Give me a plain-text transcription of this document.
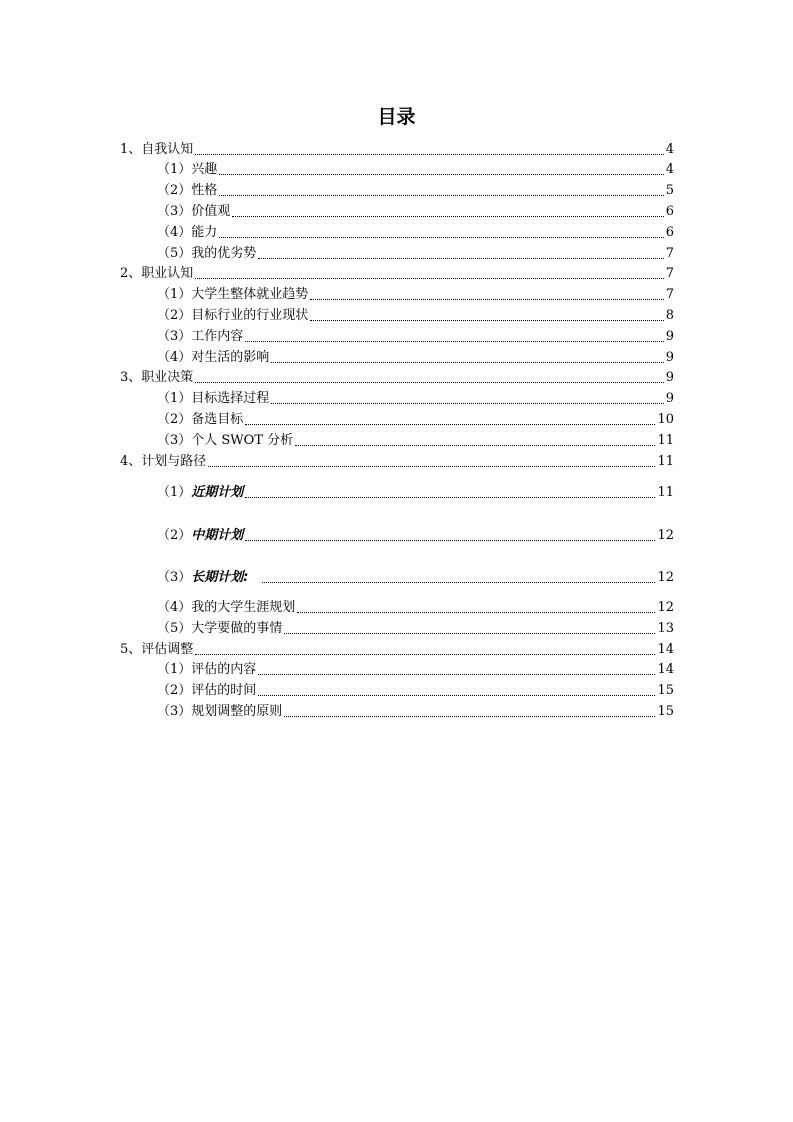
目录
1、自我认知	4
（1）兴趣	4
（2）性格	5
（3）价值观	6
（4）能力	6
（5）我的优劣势	7
2、职业认知	7
（1）大学生整体就业趋势	7
（2）目标行业的行业现状	8
（3）工作内容	9
（4）对生活的影响	9
3、职业决策	9
（1）目标选择过程	9
（2）备选目标	10
（3）个人 SWOT 分析	11
4、计划与路径	11
（1） 近期计划	11
（2） 中期计划	12
（3） 长期计划:	12
（4）我的大学生涯规划	12
（5）大学要做的事情	13
5、评估调整	14
（1）评估的内容	14
（2）评估的时间	15
（3）规划调整的原则	15
